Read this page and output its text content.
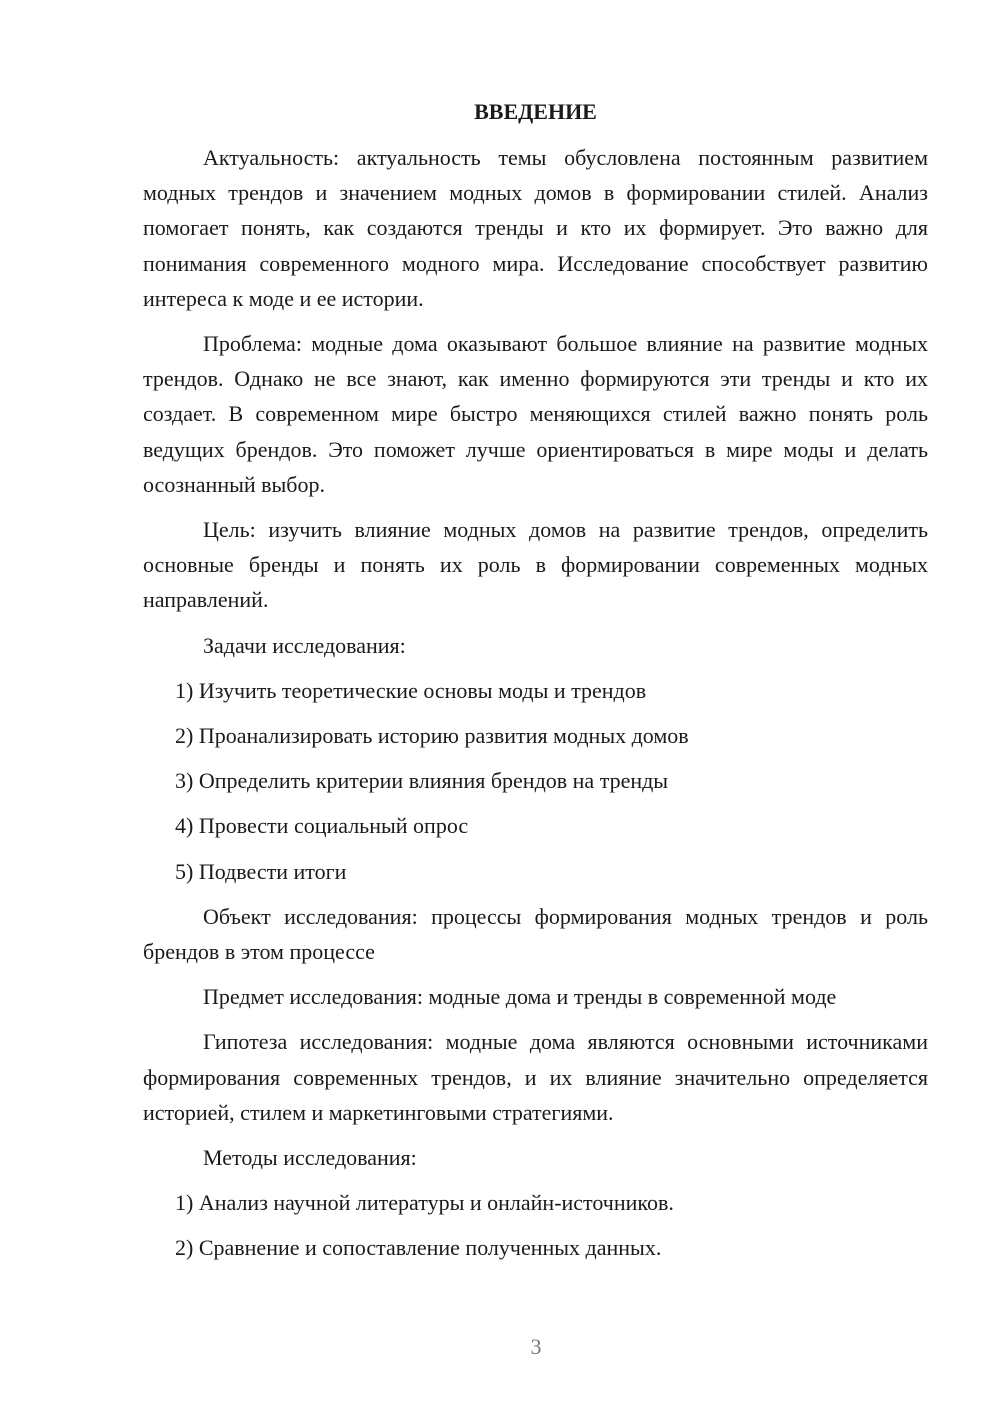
ВВЕДЕНИЕ

Актуальность: актуальность темы обусловлена постоянным развитием модных трендов и значением модных домов в формировании стилей. Анализ помогает понять, как создаются тренды и кто их формирует. Это важно для понимания современного модного мира. Исследование способствует развитию интереса к моде и ее истории.

Проблема: модные дома оказывают большое влияние на развитие модных трендов. Однако не все знают, как именно формируются эти тренды и кто их создает. В современном мире быстро меняющихся стилей важно понять роль ведущих брендов. Это поможет лучше ориентироваться в мире моды и делать осознанный выбор.

Цель: изучить влияние модных домов на развитие трендов, определить основные бренды и понять их роль в формировании современных модных направлений.

Задачи исследования:

1) Изучить теоретические основы моды и трендов
2) Проанализировать историю развития модных домов
3) Определить критерии влияния брендов на тренды
4) Провести социальный опрос
5) Подвести итоги

Объект исследования: процессы формирования модных трендов и роль брендов в этом процессе

Предмет исследования: модные дома и тренды в современной моде

Гипотеза исследования: модные дома являются основными источниками формирования современных трендов, и их влияние значительно определяется историей, стилем и маркетинговыми стратегиями.

Методы исследования:

1) Анализ научной литературы и онлайн-источников.
2) Сравнение и сопоставление полученных данных.
3
